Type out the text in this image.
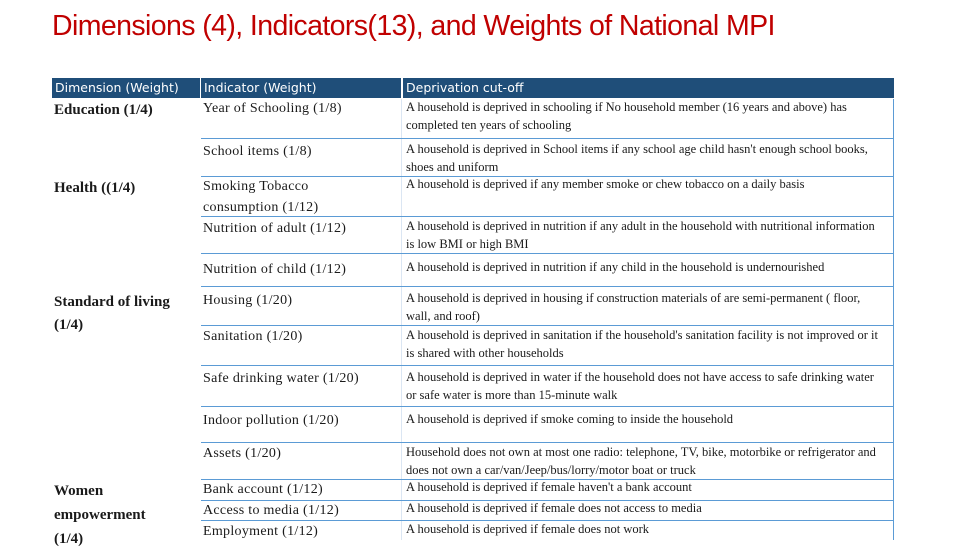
Dimensions (4), Indicators(13), and Weights of National MPI
Dimension (Weight)	Indicator (Weight)	Deprivation cut-off
Education (1/4)
Health ((1/4)
Standard of living
(1/4)
Women
empowerment
(1/4)
Year of Schooling (1/8)
School items (1/8)
Smoking Tobacco
consumption (1/12)
Nutrition of adult (1/12)
Nutrition of child (1/12)
Housing (1/20)
Sanitation (1/20)
Safe drinking water (1/20)
Indoor pollution (1/20)
Assets (1/20)
Bank account (1/12)
Access to media (1/12)
Employment (1/12)
A household is deprived in schooling if No household member (16 years and above) has completed ten years of schooling
A household is deprived in School items if any school age child hasn't enough school books, shoes and uniform
A household is deprived if any member smoke or chew tobacco on a daily basis
A household is deprived in nutrition if any adult in the household with nutritional information is low BMI or high BMI
A household is deprived in nutrition if any child in the household is undernourished
A household is deprived in housing if construction materials of are semi-permanent ( floor, wall, and roof)
A household is deprived in sanitation if the household's sanitation facility is not improved or it is shared with other households
A household is deprived in water if the household does not have access to safe drinking water or safe water is more than 15-minute walk
A household is deprived if smoke coming to inside the household
Household does not own at most one radio: telephone, TV, bike, motorbike or refrigerator and does not own a car/van/Jeep/bus/lorry/motor boat or truck
A household is deprived if female haven't a bank account
A household is deprived if female does not access to media
A household is deprived if female does not work
